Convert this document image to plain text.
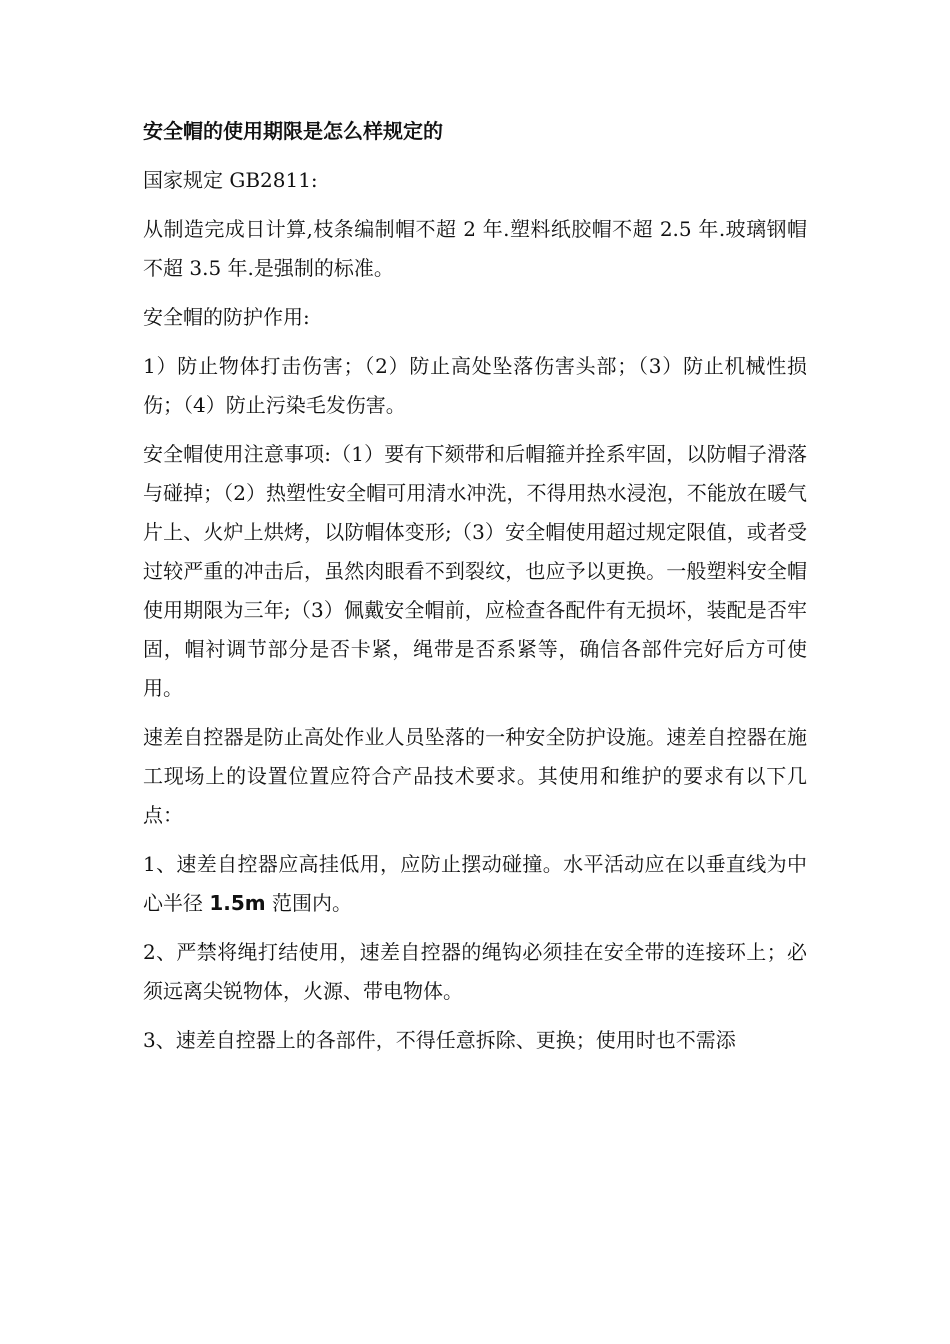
安全帽的使用期限是怎么样规定的
国家规定 GB2811:
从制造完成日计算,枝条编制帽不超 2 年.塑料纸胶帽不超 2.5 年.玻璃钢帽不超 3.5 年.是强制的标准。
安全帽的防护作用:
1）防止物体打击伤害；（2）防止高处坠落伤害头部；（3）防止机械性损伤；（4）防止污染毛发伤害。
安全帽使用注意事项:（1）要有下颏带和后帽箍并拴系牢固，以防帽子滑落与碰掉；（2）热塑性安全帽可用清水冲洗，不得用热水浸泡，不能放在暖气片上、火炉上烘烤，以防帽体变形;（3）安全帽使用超过规定限值，或者受过较严重的冲击后，虽然肉眼看不到裂纹，也应予以更换。一般塑料安全帽使用期限为三年;（3）佩戴安全帽前，应检查各配件有无损坏，装配是否牢固，帽衬调节部分是否卡紧，绳带是否系紧等，确信各部件完好后方可使用。
速差自控器是防止高处作业人员坠落的一种安全防护设施。速差自控器在施工现场上的设置位置应符合产品技术要求。其使用和维护的要求有以下几点：
1、速差自控器应高挂低用，应防止摆动碰撞。水平活动应在以垂直线为中心半径 1.5m 范围内。
2、严禁将绳打结使用，速差自控器的绳钩必须挂在安全带的连接环上；必须远离尖锐物体，火源、带电物体。
3、速差自控器上的各部件，不得任意拆除、更换；使用时也不需添
